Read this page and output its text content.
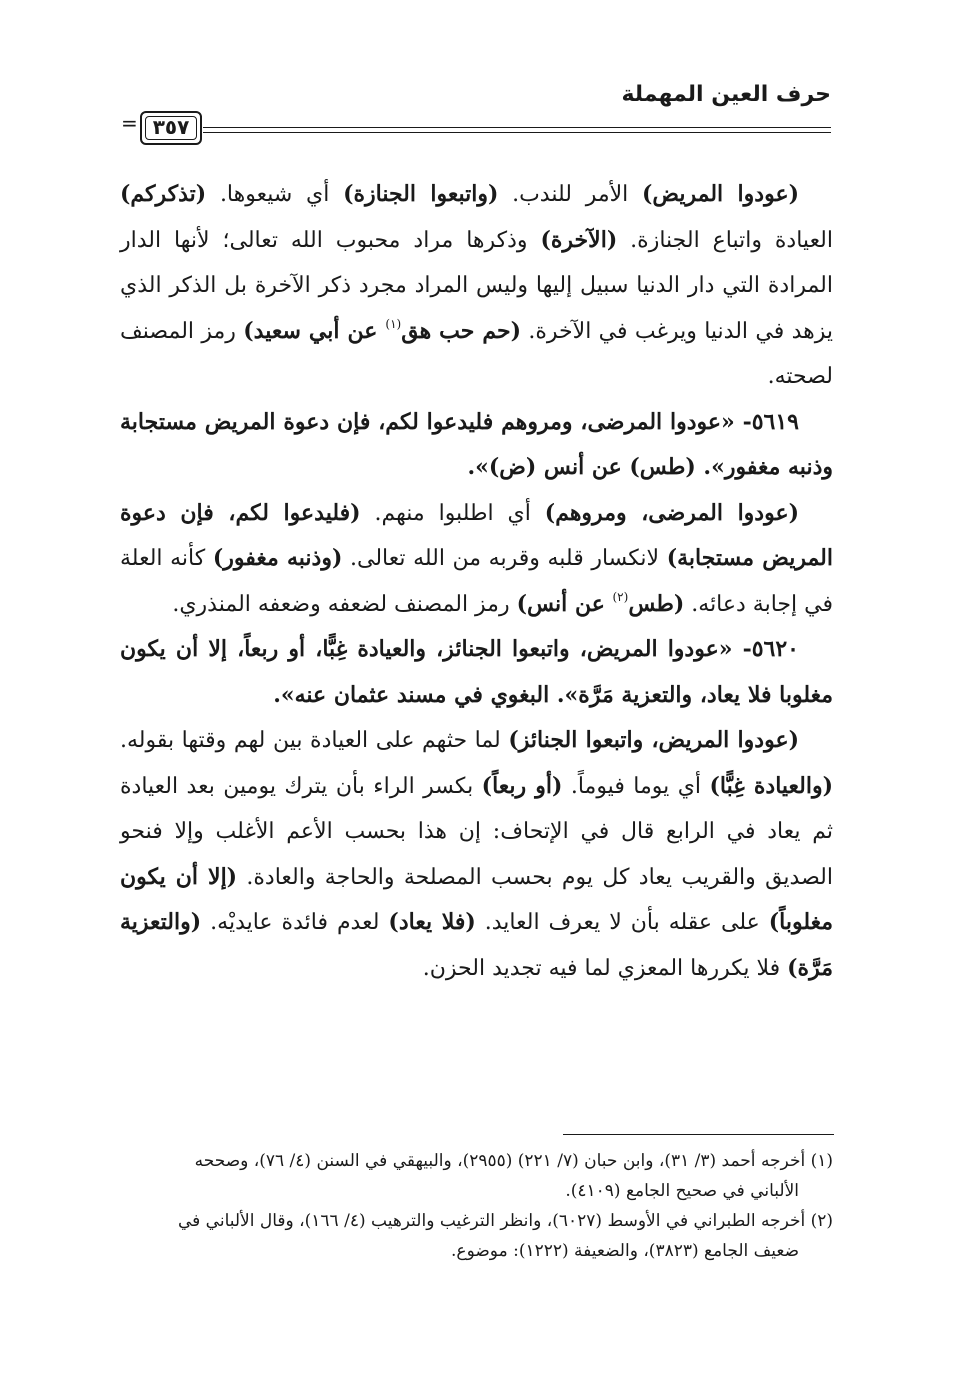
حرف العين المهملة
٣٥٧
=

(عودوا المريض) الأمر للندب. (واتبعوا الجنازة) أي شيعوها. (تذكركم) العيادة واتباع الجنازة. (الآخرة) وذكرها مراد محبوب الله تعالى؛ لأنها الدار المرادة التي دار الدنيا سبيل إليها وليس المراد مجرد ذكر الآخرة بل الذكر الذي يزهد في الدنيا ويرغب في الآخرة. (حم حب هق$^{(١)}$ عن أبي سعيد) رمز المصنف لصحته.

٥٦١٩- «عودوا المرضى، ومروهم فليدعوا لكم، فإن دعوة المريض مستجابة وذنبه مغفور». (طس) عن أنس (ض)».

(عودوا المرضى، ومروهم) أي اطلبوا منهم. (فليدعوا لكم، فإن دعوة المريض مستجابة) لانكسار قلبه وقربه من الله تعالى. (وذنبه مغفور) كأنه العلة في إجابة دعائه. (طس$^{(٢)}$ عن أنس) رمز المصنف لضعفه وضعفه المنذري.

٥٦٢٠- «عودوا المريض، واتبعوا الجنائز، والعيادة غِبًّا، أو ربعاً، إلا أن يكون مغلوبا فلا يعاد، والتعزية مَرَّة». البغوي في مسند عثمان عنه».

(عودوا المريض، واتبعوا الجنائز) لما حثهم على العيادة بين لهم وقتها بقوله. (والعيادة غِبًّا) أي يوما فيوماً. (أو ربعاً) بكسر الراء بأن يترك يومين بعد العيادة ثم يعاد في الرابع قال في الإتحاف: إن هذا بحسب الأعم الأغلب وإلا فنحو الصديق والقريب يعاد كل يوم بحسب المصلحة والحاجة والعادة. (إلا أن يكون مغلوباً) على عقله بأن لا يعرف العايد. (فلا يعاد) لعدم فائدة عايديْه. (والتعزية مَرَّة) فلا يكررها المعزي لما فيه تجديد الحزن.

(١) أخرجه أحمد (٣/ ٣١)، وابن حبان (٧/ ٢٢١) (٢٩٥٥)، والبيهقي في السنن (٤/ ٧٦)، وصححه
الألباني في صحيح الجامع (٤١٠٩).

(٢) أخرجه الطبراني في الأوسط (٦٠٢٧)، وانظر الترغيب والترهيب (٤/ ١٦٦)، وقال الألباني في
ضعيف الجامع (٣٨٢٣)، والضعيفة (١٢٢٢): موضوع.
